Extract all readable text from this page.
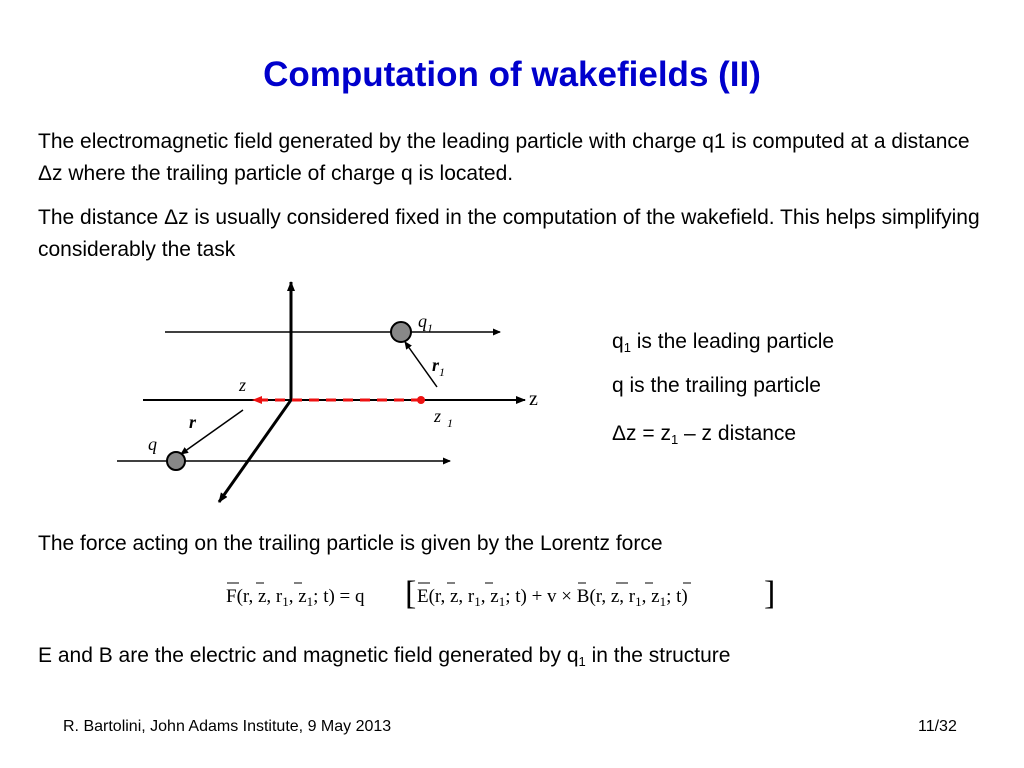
Computation of wakefields (II)

The electromagnetic field generated by the leading particle with charge q1 is computed at a distance Δz where the trailing particle of charge q is located.

The distance Δz is usually considered fixed in the computation of the wakefield. This helps simplifying considerably the task

$q_1$
$r_1$
z
z $_1$
z
r
q
$q_1$ is the leading particle
q is the trailing particle
$\Delta z = z_1 - z$ distance

The force acting on the trailing particle is given by the Lorentz force

[	]
F(r, z, $r_1$, $z_1$; t) = q	E(r, z, $r_1$, $z_1$; t) + v × B(r, z, $r_1$, $z_1$; t)

E and B are the electric and magnetic field generated by $q_1$ in the structure

R. Bartolini, John Adams Institute, 9 May 2013	11/32
